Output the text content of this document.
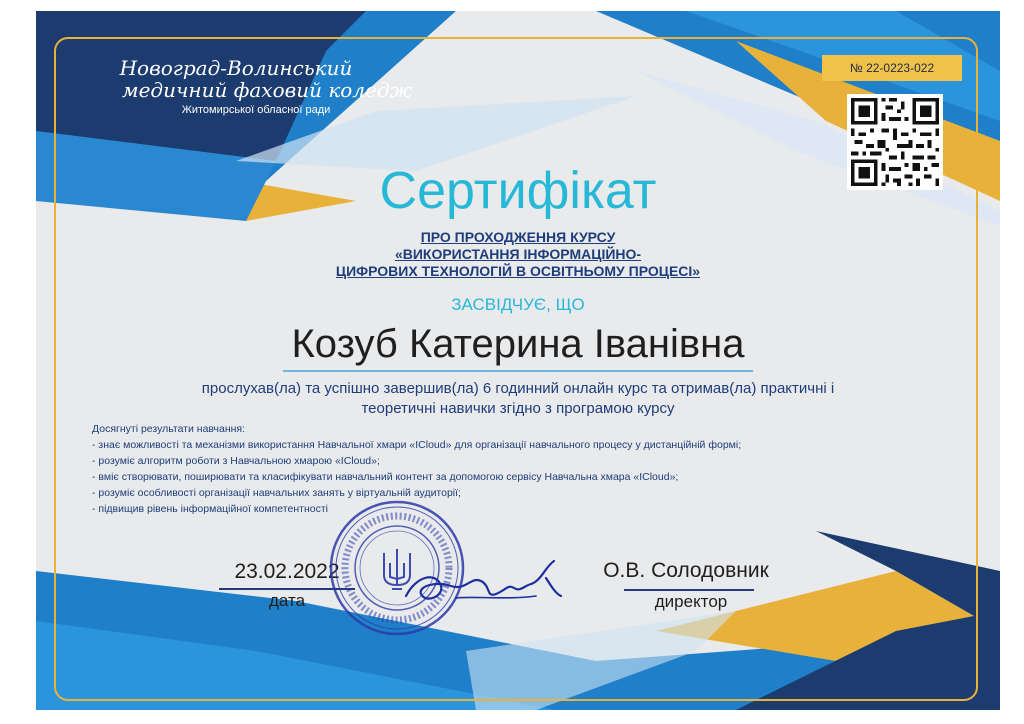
Новоград-Волинський
медичний фаховий коледж
Житомирської обласної ради
№ 22-0223-022
Сертифікат
ПРО ПРОХОДЖЕННЯ КУРСУ
«ВИКОРИСТАННЯ ІНФОРМАЦІЙНО-
ЦИФРОВИХ ТЕХНОЛОГІЙ В ОСВІТНЬОМУ ПРОЦЕСІ»
ЗАСВІДЧУЄ, ЩО
Козуб Катерина Іванівна
прослухав(ла) та успішно завершив(ла) 6 годинний онлайн курс та отримав(ла) практичні і
теоретичні навички згідно з програмою курсу
Досягнуті результати навчання:
- знає можливості та механізми використання Навчальної хмари «ICloud» для організації навчального процесу у дистанційній формі;
- розуміє алгоритм роботи з Навчальною хмарою «ICloud»;
- вміє створювати, поширювати та класифікувати навчальний контент за допомогою сервісу Навчальна хмара «ICloud»;
- розуміє особливості організації навчальних занять у віртуальній аудиторії;
- підвищив рівень інформаційної компетентності
23.02.2022
дата
О.В. Солодовник
директор
